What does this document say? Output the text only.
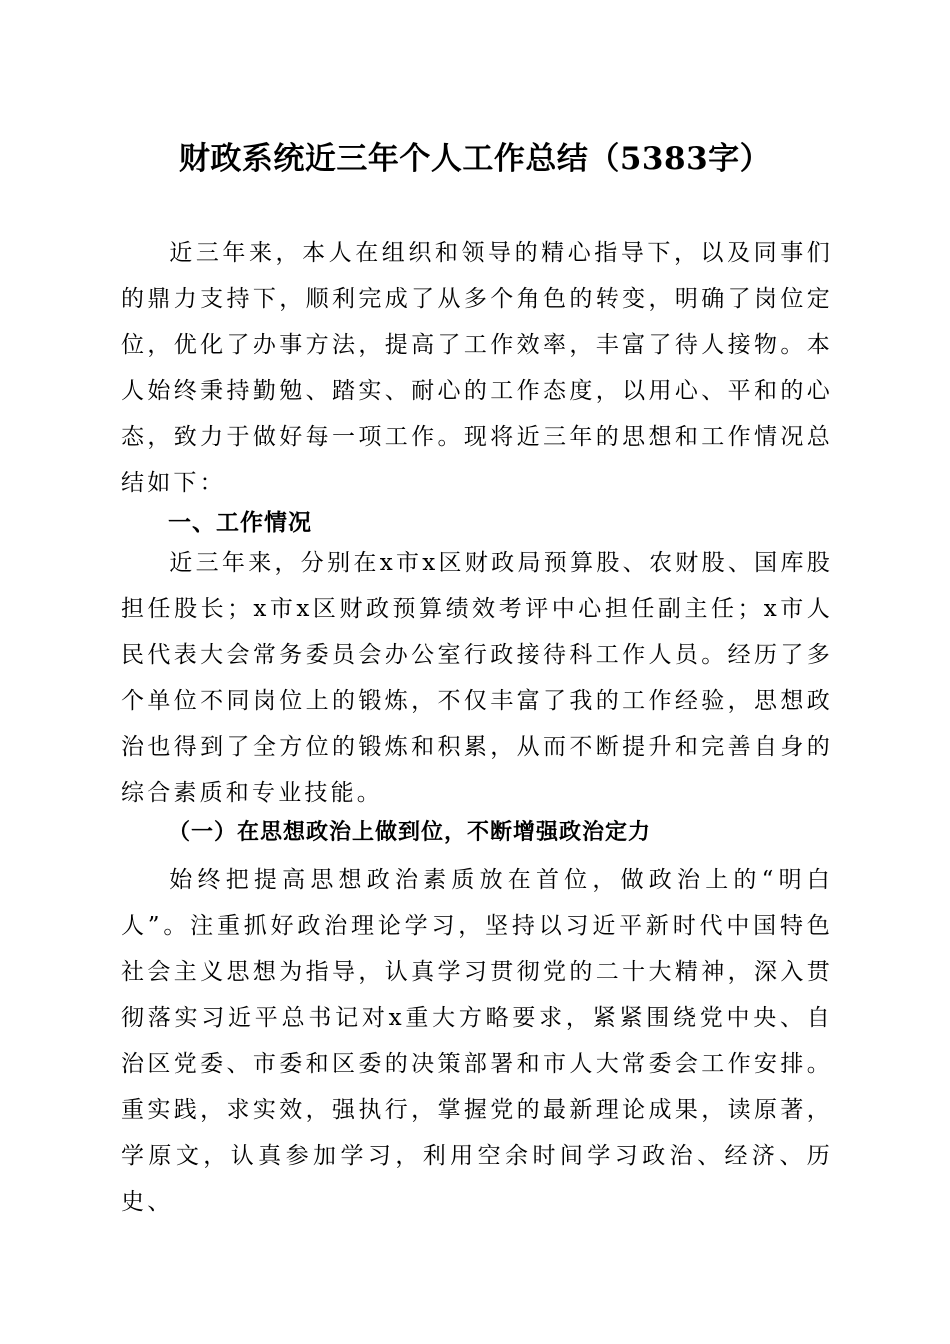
财政系统近三年个人工作总结（5383字）

近三年来，本人在组织和领导的精心指导下，以及同事们的鼎力支持下，顺利完成了从多个角色的转变，明确了岗位定位，优化了办事方法，提高了工作效率，丰富了待人接物。本人始终秉持勤勉、踏实、耐心的工作态度，以用心、平和的心态，致力于做好每一项工作。现将近三年的思想和工作情况总结如下：

一、工作情况

近三年来，分别在x市x区财政局预算股、农财股、国库股担任股长；x市x区财政预算绩效考评中心担任副主任；x市人民代表大会常务委员会办公室行政接待科工作人员。经历了多个单位不同岗位上的锻炼，不仅丰富了我的工作经验，思想政治也得到了全方位的锻炼和积累，从而不断提升和完善自身的综合素质和专业技能。

（一）在思想政治上做到位，不断增强政治定力

始终把提高思想政治素质放在首位，做政治上的“明白人”。注重抓好政治理论学习，坚持以习近平新时代中国特色社会主义思想为指导，认真学习贯彻党的二十大精神，深入贯彻落实习近平总书记对x重大方略要求，紧紧围绕党中央、自治区党委、市委和区委的决策部署和市人大常委会工作安排。重实践，求实效，强执行，掌握党的最新理论成果，读原著，学原文，认真参加学习，利用空余时间学习政治、经济、历史、
